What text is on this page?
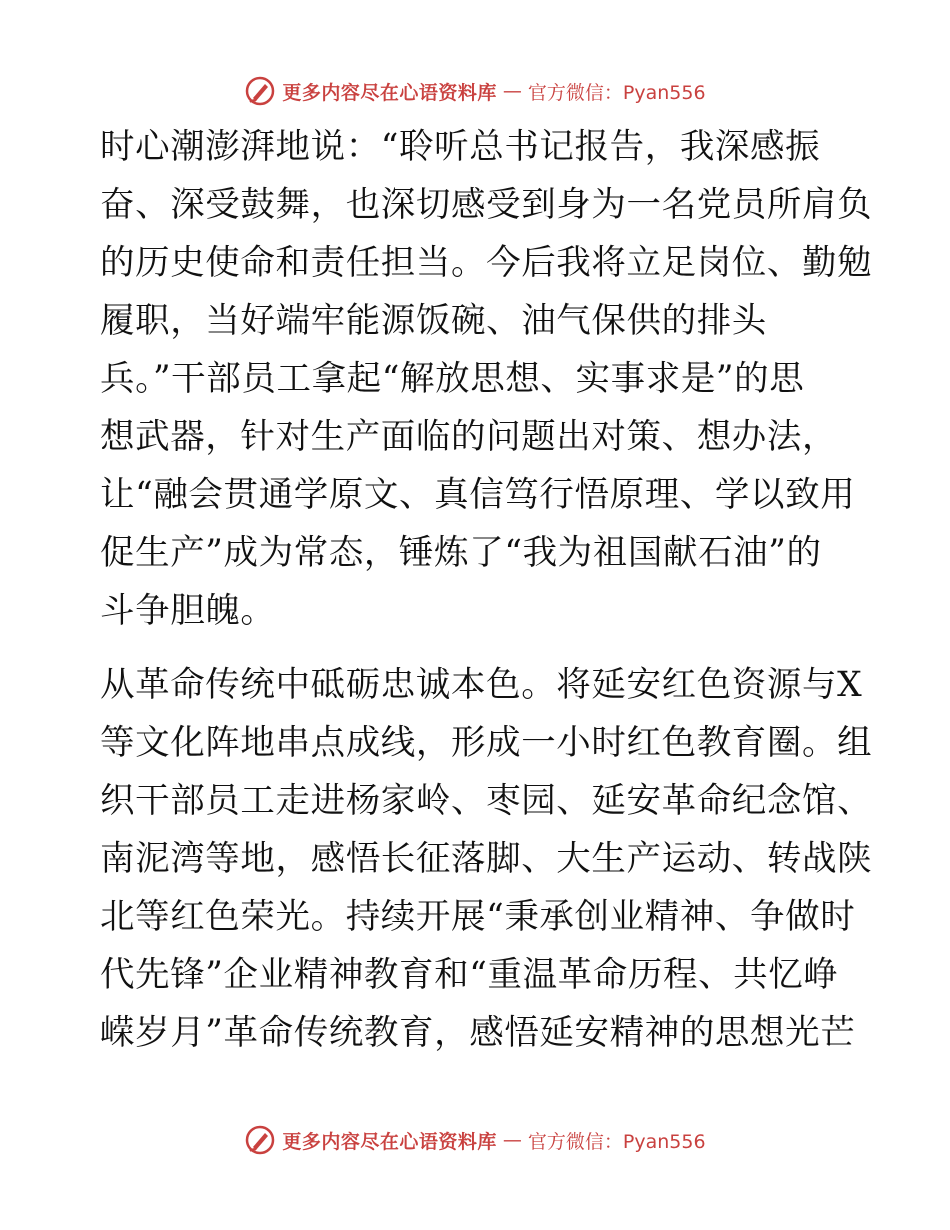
更多内容尽在心语资料库 — 官方微信：Pyan556
时心潮澎湃地说：“聆听总书记报告，我深感振
奋、深受鼓舞，也深切感受到身为一名党员所肩负
的历史使命和责任担当。今后我将立足岗位、勤勉
履职，当好端牢能源饭碗、油气保供的排头
兵。”干部员工拿起“解放思想、实事求是”的思
想武器，针对生产面临的问题出对策、想办法，
让“融会贯通学原文、真信笃行悟原理、学以致用
促生产”成为常态，锤炼了“我为祖国献石油”的
斗争胆魄。
从革命传统中砥砺忠诚本色。将延安红色资源与X
等文化阵地串点成线，形成一小时红色教育圈。组
织干部员工走进杨家岭、枣园、延安革命纪念馆、
南泥湾等地，感悟长征落脚、大生产运动、转战陕
北等红色荣光。持续开展“秉承创业精神、争做时
代先锋”企业精神教育和“重温革命历程、共忆峥
嵘岁月”革命传统教育，感悟延安精神的思想光芒
更多内容尽在心语资料库 — 官方微信：Pyan556
